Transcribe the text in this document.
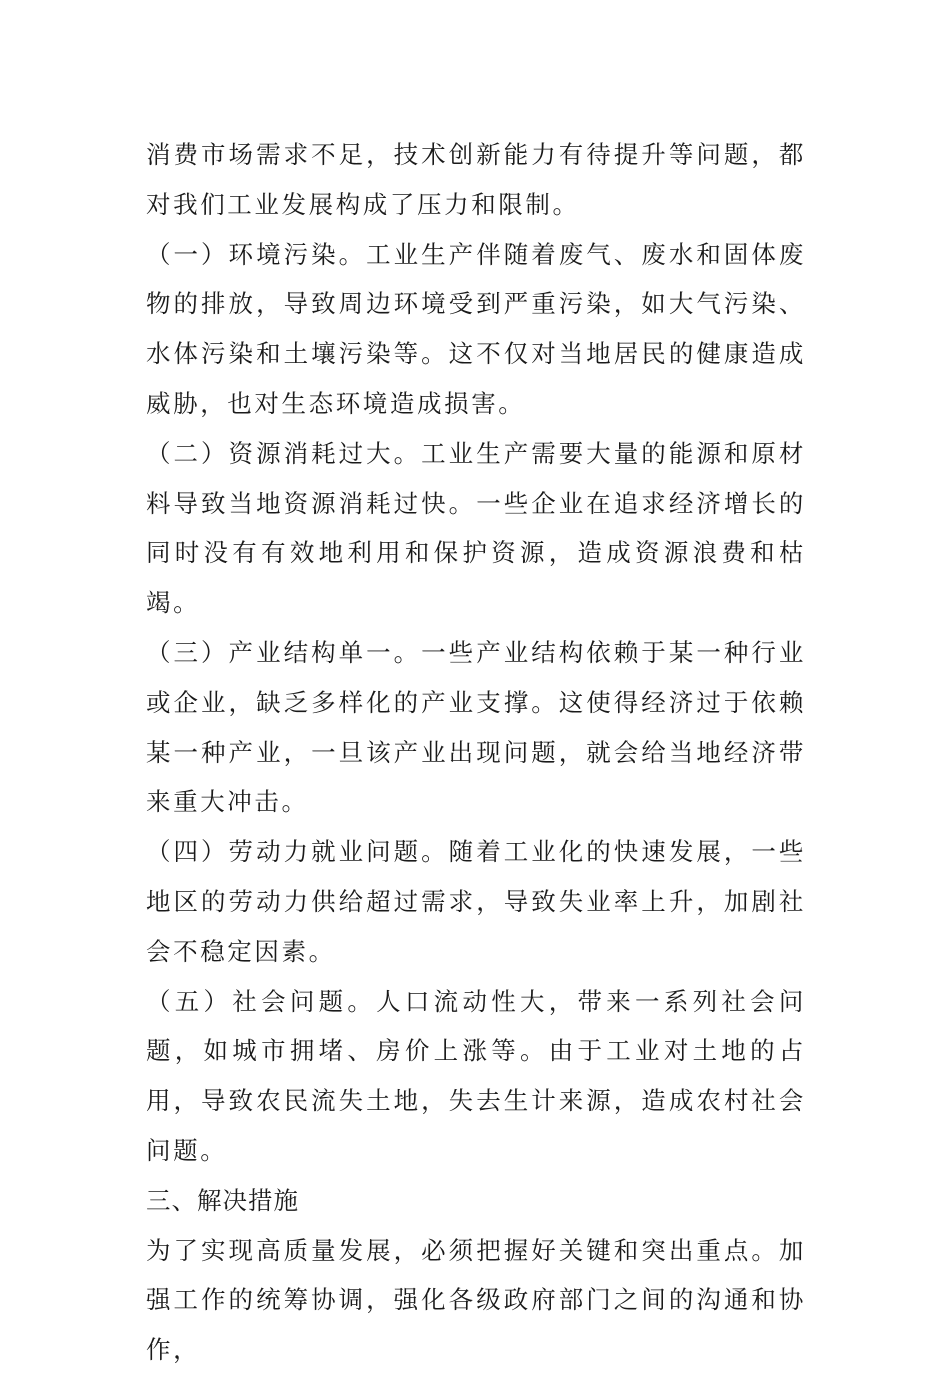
消费市场需求不足，技术创新能力有待提升等问题，都对我们工业发展构成了压力和限制。

（一）环境污染。工业生产伴随着废气、废水和固体废物的排放，导致周边环境受到严重污染，如大气污染、水体污染和土壤污染等。这不仅对当地居民的健康造成威胁，也对生态环境造成损害。

（二）资源消耗过大。工业生产需要大量的能源和原材料导致当地资源消耗过快。一些企业在追求经济增长的同时没有有效地利用和保护资源，造成资源浪费和枯竭。

（三）产业结构单一。一些产业结构依赖于某一种行业或企业，缺乏多样化的产业支撑。这使得经济过于依赖某一种产业，一旦该产业出现问题，就会给当地经济带来重大冲击。

（四）劳动力就业问题。随着工业化的快速发展，一些地区的劳动力供给超过需求，导致失业率上升，加剧社会不稳定因素。

（五）社会问题。人口流动性大，带来一系列社会问题，如城市拥堵、房价上涨等。由于工业对土地的占用，导致农民流失土地，失去生计来源，造成农村社会问题。

三、解决措施

为了实现高质量发展，必须把握好关键和突出重点。加强工作的统筹协调，强化各级政府部门之间的沟通和协作，
